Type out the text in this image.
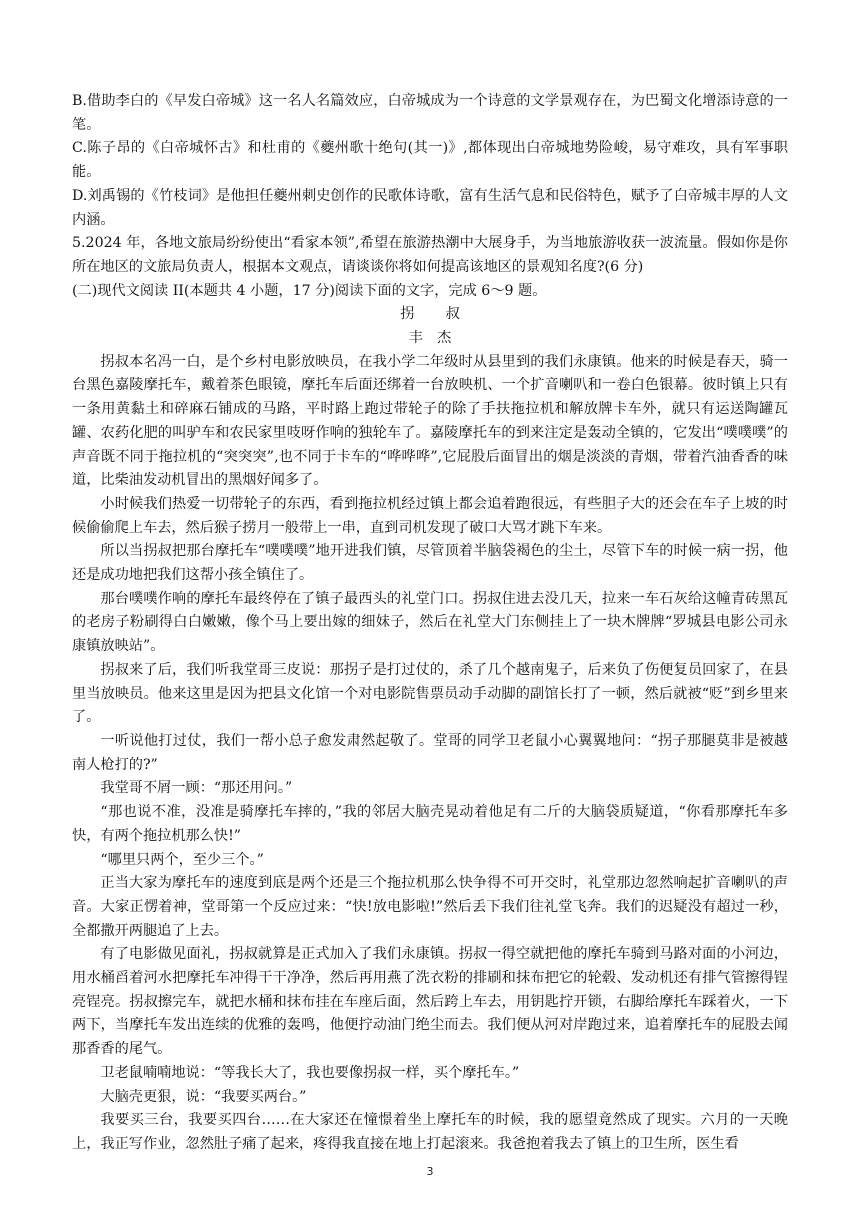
B.借助李白的《早发白帝城》这一名人名篇效应，白帝城成为一个诗意的文学景观存在，为巴蜀文化增添诗意的一笔。

C.陈子昂的《白帝城怀古》和杜甫的《夔州歌十绝句(其一)》,都体现出白帝城地势险峻，易守难攻，具有军事职能。

D.刘禹锡的《竹枝词》是他担任夔州刺史创作的民歌体诗歌，富有生活气息和民俗特色，赋予了白帝城丰厚的人文内涵。

5.2024 年，各地文旅局纷纷使出“看家本领”,希望在旅游热潮中大展身手，为当地旅游收获一波流量。假如你是你所在地区的文旅局负责人，根据本文观点，请谈谈你将如何提高该地区的景观知名度?(6 分)

(二)现代文阅读 II(本题共 4 小题，17 分)阅读下面的文字，完成 6～9 题。

拐叔

丰杰

拐叔本名冯一白，是个乡村电影放映员，在我小学二年级时从县里到的我们永康镇。他来的时候是春天，骑一台黑色嘉陵摩托车，戴着茶色眼镜，摩托车后面还绑着一台放映机、一个扩音喇叭和一卷白色银幕。彼时镇上只有一条用黄黏土和碎麻石铺成的马路，平时路上跑过带轮子的除了手扶拖拉机和解放牌卡车外，就只有运送陶罐瓦罐、农药化肥的叫驴车和农民家里吱呀作响的独轮车了。嘉陵摩托车的到来注定是轰动全镇的，它发出“噗噗噗”的声音既不同于拖拉机的“突突突”,也不同于卡车的“哗哗哗”,它屁股后面冒出的烟是淡淡的青烟，带着汽油香香的味道，比柴油发动机冒出的黑烟好闻多了。

小时候我们热爱一切带轮子的东西，看到拖拉机经过镇上都会追着跑很远，有些胆子大的还会在车子上坡的时候偷偷爬上车去，然后猴子捞月一般带上一串，直到司机发现了破口大骂才跳下车来。

所以当拐叔把那台摩托车“噗噗噗”地开进我们镇，尽管顶着半脑袋褐色的尘土，尽管下车的时候一病一拐，他还是成功地把我们这帮小孩全镇住了。

那台噗噗作响的摩托车最终停在了镇子最西头的礼堂门口。拐叔住进去没几天，拉来一车石灰给这幢青砖黑瓦的老房子粉刷得白白嫩嫩，像个马上要出嫁的细妹子，然后在礼堂大门东侧挂上了一块木牌牌“罗城县电影公司永康镇放映站”。

拐叔来了后，我们听我堂哥三皮说：那拐子是打过仗的，杀了几个越南鬼子，后来负了伤便复员回家了，在县里当放映员。他来这里是因为把县文化馆一个对电影院售票员动手动脚的副馆长打了一顿，然后就被“贬”到乡里来了。

一听说他打过仗，我们一帮小总子愈发肃然起敬了。堂哥的同学卫老鼠小心翼翼地问：“拐子那腿莫非是被越南人枪打的?”

我堂哥不屑一顾：“那还用问。”

“那也说不准，没准是骑摩托车摔的，”我的邻居大脑壳晃动着他足有二斤的大脑袋质疑道，“你看那摩托车多快，有两个拖拉机那么快!”

“哪里只两个，至少三个。”

正当大家为摩托车的速度到底是两个还是三个拖拉机那么快争得不可开交时，礼堂那边忽然响起扩音喇叭的声音。大家正愣着神，堂哥第一个反应过来：“快!放电影啦!”然后丢下我们往礼堂飞奔。我们的迟疑没有超过一秒，全都撒开两腿追了上去。

有了电影做见面礼，拐叔就算是正式加入了我们永康镇。拐叔一得空就把他的摩托车骑到马路对面的小河边，用水桶舀着河水把摩托车冲得干干净净，然后再用燕了洗衣粉的排刷和抹布把它的轮毂、发动机还有排气管擦得锃亮锃亮。拐叔擦完车，就把水桶和抹布挂在车座后面，然后跨上车去，用钥匙拧开锁，右脚给摩托车踩着火，一下两下，当摩托车发出连续的优雅的轰鸣，他便拧动油门绝尘而去。我们便从河对岸跑过来，追着摩托车的屁股去闻那香香的尾气。

卫老鼠喃喃地说：“等我长大了，我也要像拐叔一样，买个摩托车。”

大脑壳更狠，说：“我要买两台。”

我要买三台，我要买四台……在大家还在憧憬着坐上摩托车的时候，我的愿望竟然成了现实。六月的一天晚上，我正写作业，忽然肚子痛了起来，疼得我直接在地上打起滚来。我爸抱着我去了镇上的卫生所，医生看

3
